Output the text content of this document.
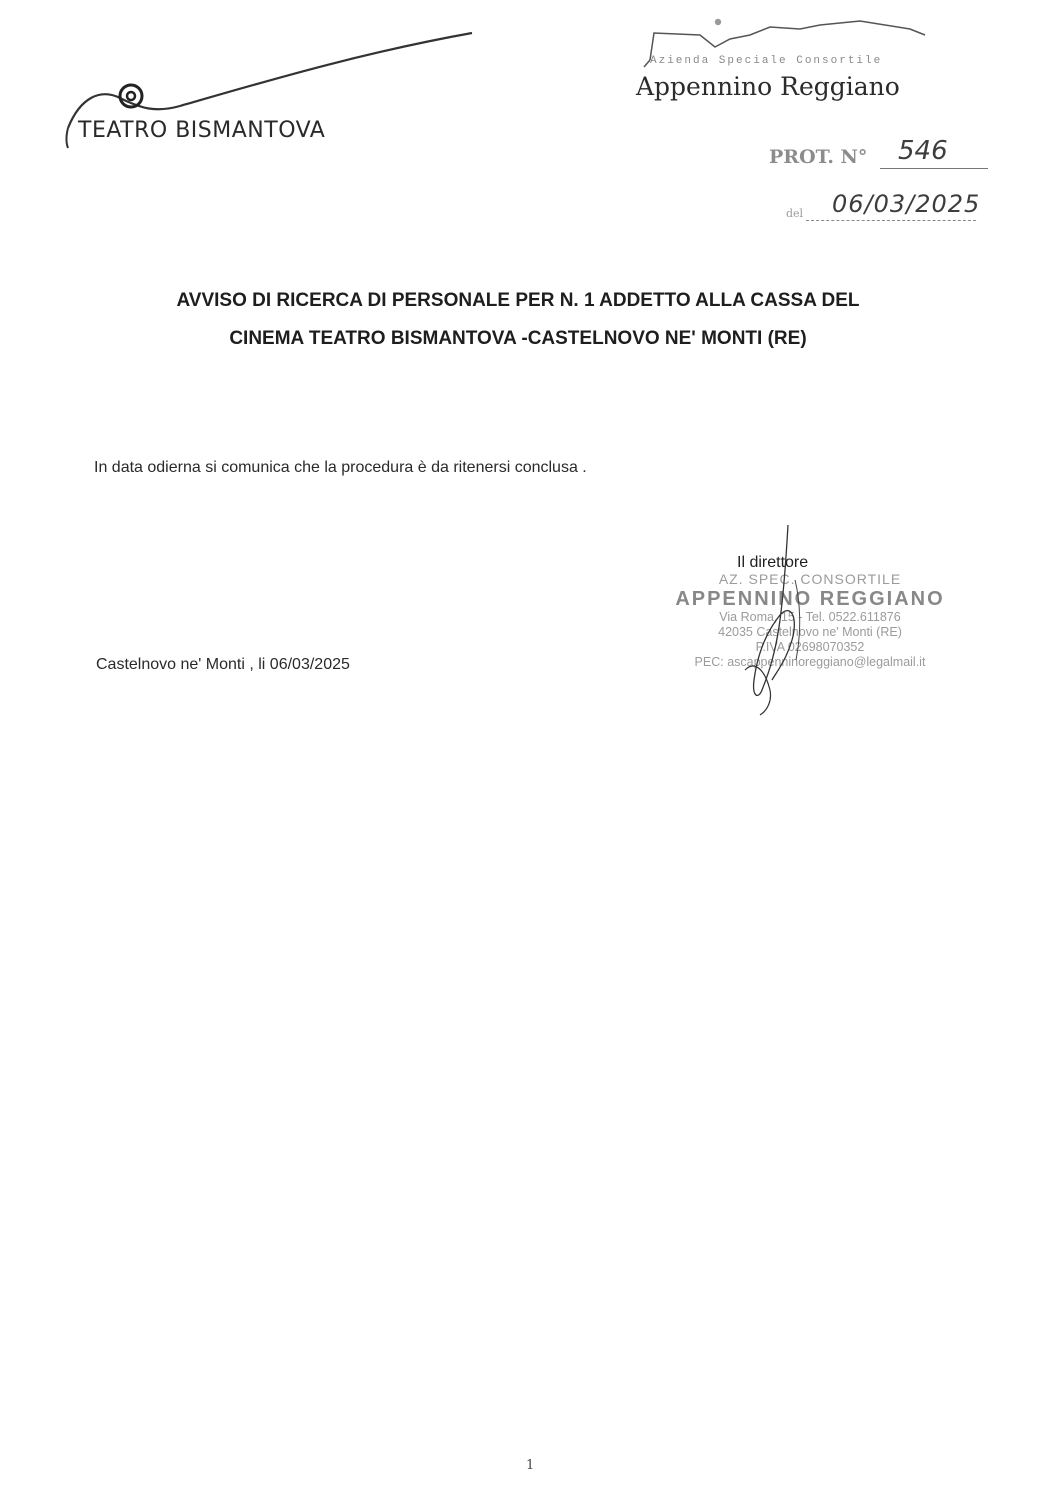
TEATRO BISMANTOVA
Azienda Speciale Consortile
Appennino Reggiano
PROT. N° 546
del 06/03/2025
AVVISO DI RICERCA DI PERSONALE PER N. 1 ADDETTO ALLA CASSA DEL
CINEMA TEATRO BISMANTOVA -CASTELNOVO NE' MONTI (RE)
In data odierna si comunica che la procedura è da ritenersi conclusa .
Castelnovo ne' Monti , li 06/03/2025
AZ. SPEC. CONSORTILE
APPENNINO REGGIANO
Via Roma, 15 - Tel. 0522.611876
42035 Castelnovo ne' Monti (RE)
P.IVA 02698070352
PEC: ascappenninoreggiano@legalmail.it
Il direttore
1
